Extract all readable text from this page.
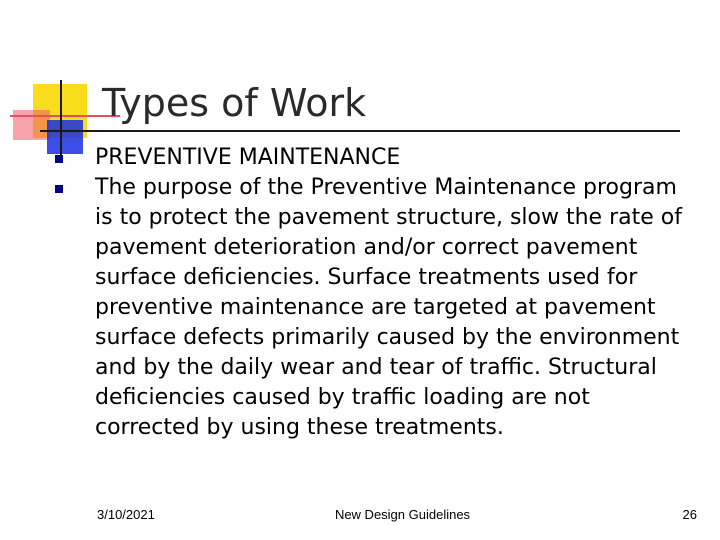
Types of Work
PREVENTIVE MAINTENANCE
The purpose of the Preventive Maintenance program is to protect the pavement structure, slow the rate of pavement deterioration and/or correct pavement surface deficiencies. Surface treatments used for preventive maintenance are targeted at pavement surface defects primarily caused by the environment and by the daily wear and tear of traffic. Structural deficiencies caused by traffic loading are not corrected by using these treatments.
3/10/2021	New Design Guidelines	26
